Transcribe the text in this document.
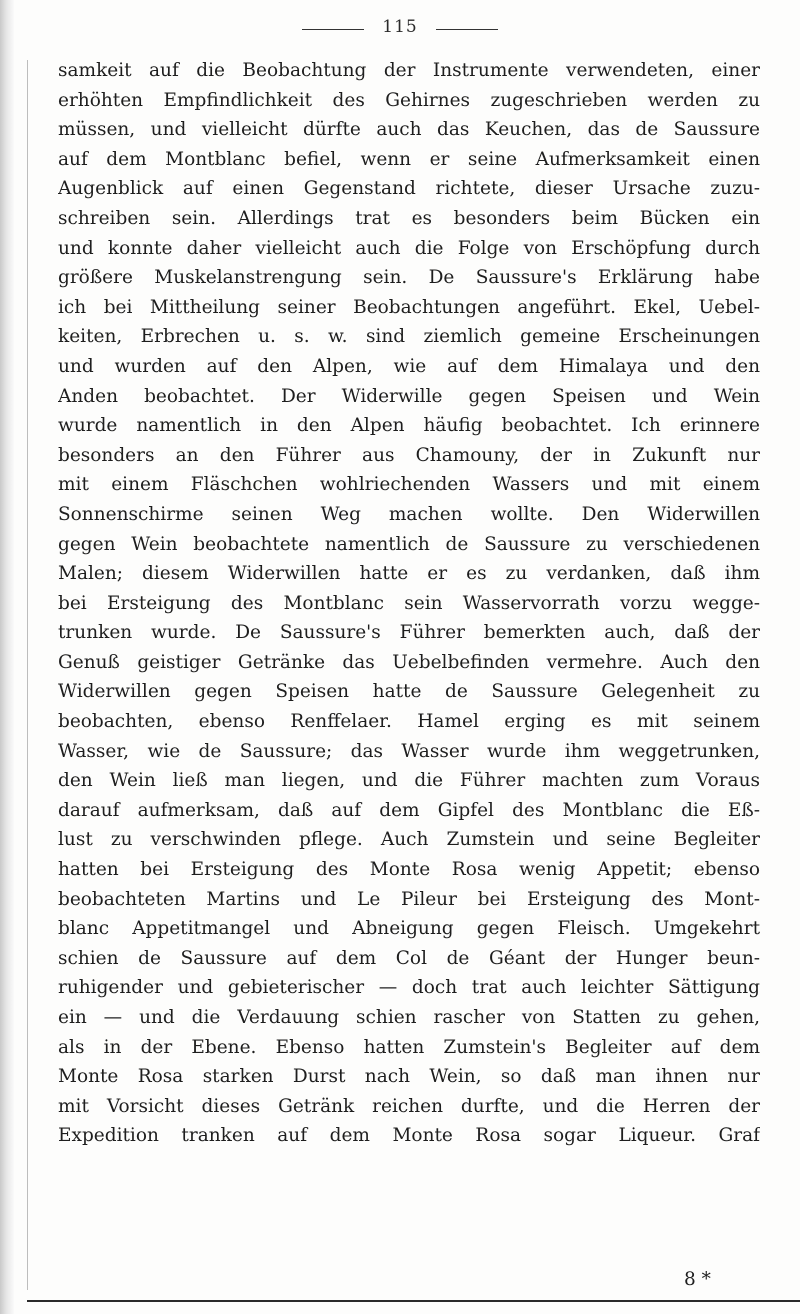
115
samkeit auf die Beobachtung der Instrumente verwendeten, einer
erhöhten Empfindlichkeit des Gehirnes zugeschrieben werden zu
müssen, und vielleicht dürfte auch das Keuchen, das de Saussure
auf dem Montblanc befiel, wenn er seine Aufmerksamkeit einen
Augenblick auf einen Gegenstand richtete, dieser Ursache zuzu-
schreiben sein. Allerdings trat es besonders beim Bücken ein
und konnte daher vielleicht auch die Folge von Erschöpfung durch
größere Muskelanstrengung sein. De Saussure's Erklärung habe
ich bei Mittheilung seiner Beobachtungen angeführt. Ekel, Uebel-
keiten, Erbrechen u. s. w. sind ziemlich gemeine Erscheinungen
und wurden auf den Alpen, wie auf dem Himalaya und den
Anden beobachtet. Der Widerwille gegen Speisen und Wein
wurde namentlich in den Alpen häufig beobachtet. Ich erinnere
besonders an den Führer aus Chamouny, der in Zukunft nur
mit einem Fläschchen wohlriechenden Wassers und mit einem
Sonnenschirme seinen Weg machen wollte. Den Widerwillen
gegen Wein beobachtete namentlich de Saussure zu verschiedenen
Malen; diesem Widerwillen hatte er es zu verdanken, daß ihm
bei Ersteigung des Montblanc sein Wasservorrath vorzu wegge-
trunken wurde. De Saussure's Führer bemerkten auch, daß der
Genuß geistiger Getränke das Uebelbefinden vermehre. Auch den
Widerwillen gegen Speisen hatte de Saussure Gelegenheit zu
beobachten, ebenso Renffelaer. Hamel erging es mit seinem
Wasser, wie de Saussure; das Wasser wurde ihm weggetrunken,
den Wein ließ man liegen, und die Führer machten zum Voraus
darauf aufmerksam, daß auf dem Gipfel des Montblanc die Eß-
lust zu verschwinden pflege. Auch Zumstein und seine Begleiter
hatten bei Ersteigung des Monte Rosa wenig Appetit; ebenso
beobachteten Martins und Le Pileur bei Ersteigung des Mont-
blanc Appetitmangel und Abneigung gegen Fleisch. Umgekehrt
schien de Saussure auf dem Col de Géant der Hunger beun-
ruhigender und gebieterischer — doch trat auch leichter Sättigung
ein — und die Verdauung schien rascher von Statten zu gehen,
als in der Ebene. Ebenso hatten Zumstein's Begleiter auf dem
Monte Rosa starken Durst nach Wein, so daß man ihnen nur
mit Vorsicht dieses Getränk reichen durfte, und die Herren der
Expedition tranken auf dem Monte Rosa sogar Liqueur. Graf
8 *
